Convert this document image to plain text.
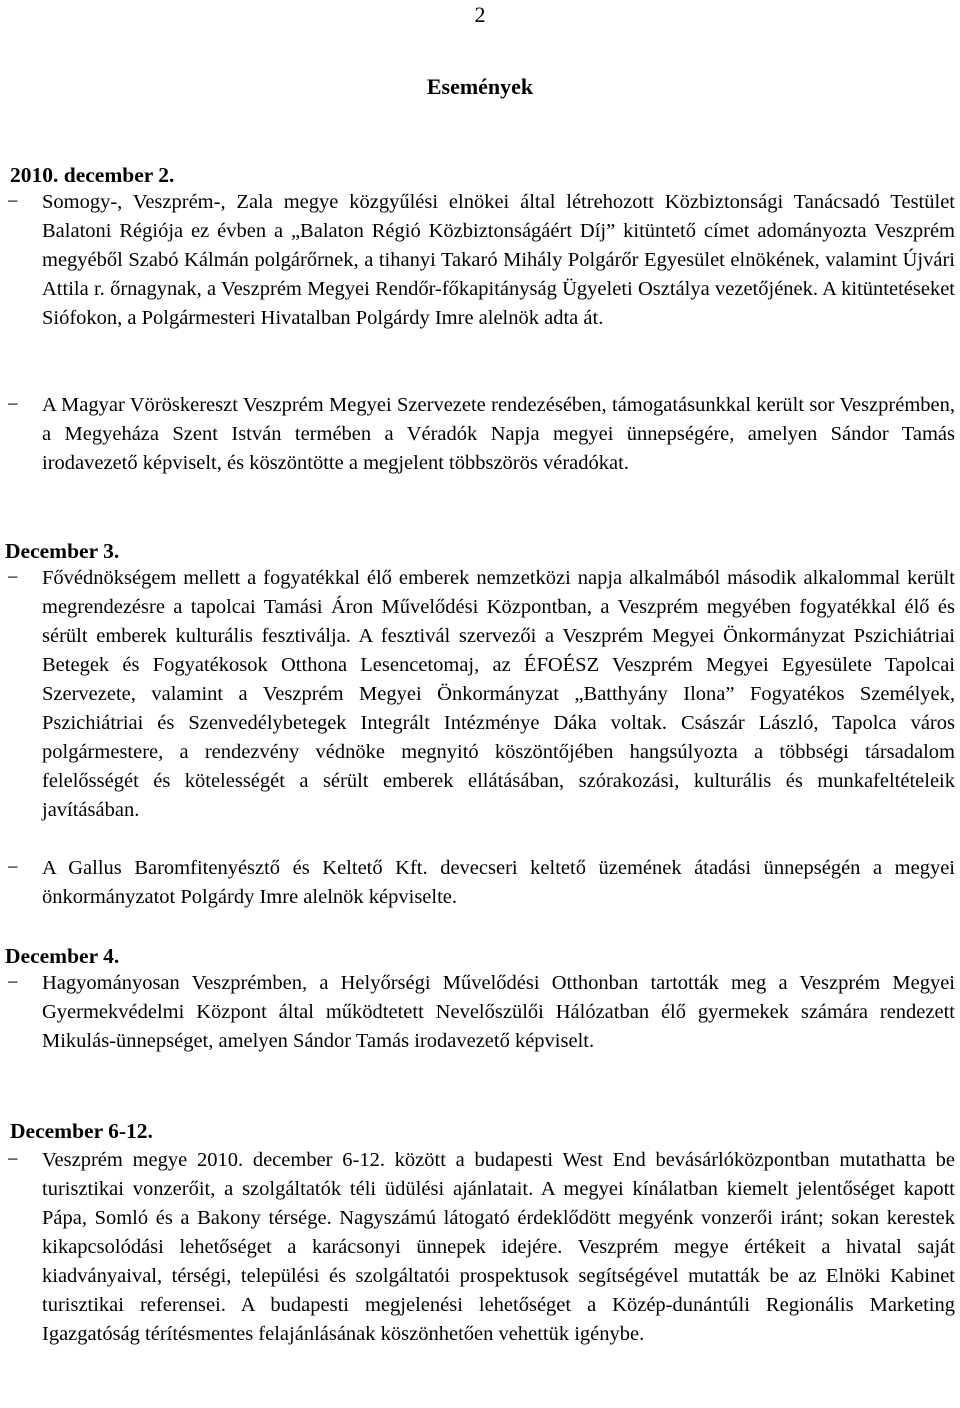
2
Események
2010. december 2.
−	Somogy-, Veszprém-, Zala megye közgyűlési elnökei által létrehozott Közbiztonsági Tanácsadó Testület Balatoni Régiója ez évben a „Balaton Régió Közbiztonságáért Díj” kitüntető címet adományozta Veszprém megyéből Szabó Kálmán polgárőrnek, a tihanyi Takaró Mihály Polgárőr Egyesület elnökének, valamint Újvári Attila r. őrnagynak, a Veszprém Megyei Rendőr-főkapitányság Ügyeleti Osztálya vezetőjének. A kitüntetéseket Siófokon, a Polgármesteri Hivatalban Polgárdy Imre alelnök adta át.
−	A Magyar Vöröskereszt Veszprém Megyei Szervezete rendezésében, támogatásunkkal került sor Veszprémben, a Megyeháza Szent István termében a Véradók Napja megyei ünnepségére, amelyen Sándor Tamás irodavezető képviselt, és köszöntötte a megjelent többszörös véradókat.
December 3.
−	Fővédnökségem mellett a fogyatékkal élő emberek nemzetközi napja alkalmából második alkalommal került megrendezésre a tapolcai Tamási Áron Művelődési Központban, a Veszprém megyében fogyatékkal élő és sérült emberek kulturális fesztiválja. A fesztivál szervezői a Veszprém Megyei Önkormányzat Pszichiátriai Betegek és Fogyatékosok Otthona Lesencetomaj, az ÉFOÉSZ Veszprém Megyei Egyesülete Tapolcai Szervezete, valamint a Veszprém Megyei Önkormányzat „Batthyány Ilona” Fogyatékos Személyek, Pszichiátriai és Szenvedélybetegek Integrált Intézménye Dáka voltak. Császár László, Tapolca város polgármestere, a rendezvény védnöke megnyitó köszöntőjében hangsúlyozta a többségi társadalom felelősségét és kötelességét a sérült emberek ellátásában, szórakozási, kulturális és munkafeltételeik javításában.
−	A Gallus Baromfitenyésztő és Keltető Kft. devecseri keltető üzemének átadási ünnepségén a megyei önkormányzatot Polgárdy Imre alelnök képviselte.
December 4.
−	Hagyományosan Veszprémben, a Helyőrségi Művelődési Otthonban tartották meg a Veszprém Megyei Gyermekvédelmi Központ által működtetett Nevelőszülői Hálózatban élő gyermekek számára rendezett Mikulás-ünnepséget, amelyen Sándor Tamás irodavezető képviselt.
December 6-12.
−	Veszprém megye 2010. december 6-12. között a budapesti West End bevásárlóközpontban mutathatta be turisztikai vonzerőit, a szolgáltatók téli üdülési ajánlatait. A megyei kínálatban kiemelt jelentőséget kapott Pápa, Somló és a Bakony térsége. Nagyszámú látogató érdeklődött megyénk vonzerői iránt; sokan kerestek kikapcsolódási lehetőséget a karácsonyi ünnepek idejére. Veszprém megye értékeit a hivatal saját kiadványaival, térségi, települési és szolgáltatói prospektusok segítségével mutatták be az Elnöki Kabinet turisztikai referensei. A budapesti megjelenési lehetőséget a Közép-dunántúli Regionális Marketing Igazgatóság térítésmentes felajánlásának köszönhetően vehettük igénybe.
